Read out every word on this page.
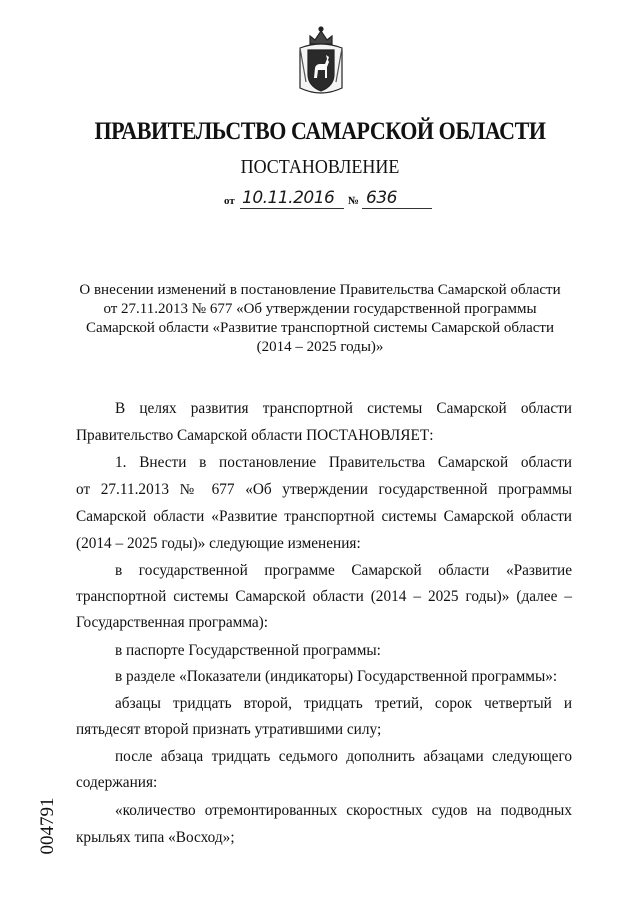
ПРАВИТЕЛЬСТВО САМАРСКОЙ ОБЛАСТИ
ПОСТАНОВЛЕНИЕ
от 10.11.2016 № 636
О внесении изменений в постановление Правительства Самарской области
от 27.11.2013 № 677 «Об утверждении государственной программы
Самарской области «Развитие транспортной системы Самарской области
(2014 – 2025 годы)»
В целях развития транспортной системы Самарской области
Правительство Самарской области ПОСТАНОВЛЯЕТ:
1. Внести в постановление Правительства Самарской области
от 27.11.2013 № 677 «Об утверждении государственной программы
Самарской области «Развитие транспортной системы Самарской области
(2014 – 2025 годы)» следующие изменения:
в государственной программе Самарской области «Развитие
транспортной системы Самарской области (2014 – 2025 годы)» (далее –
Государственная программа):
в паспорте Государственной программы:
в разделе «Показатели (индикаторы) Государственной программы»:
абзацы тридцать второй, тридцать третий, сорок четвертый и
пятьдесят второй признать утратившими силу;
после абзаца тридцать седьмого дополнить абзацами следующего
содержания:
«количество отремонтированных скоростных судов на подводных
крыльях типа «Восход»;
004791
